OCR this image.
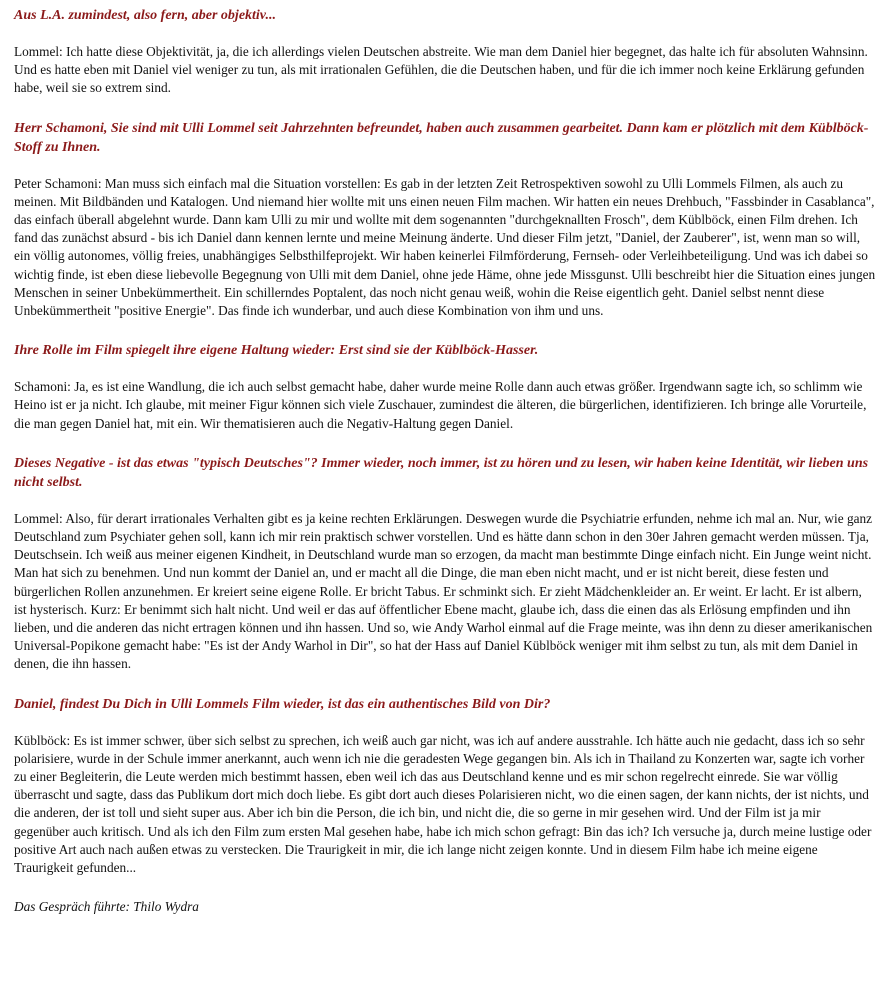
Aus L.A. zumindest, also fern, aber objektiv...

Lommel: Ich hatte diese Objektivität, ja, die ich allerdings vielen Deutschen abstreite. Wie man dem Daniel hier begegnet, das halte ich für absoluten Wahnsinn. Und es hatte eben mit Daniel viel weniger zu tun, als mit irrationalen Gefühlen, die die Deutschen haben, und für die ich immer noch keine Erklärung gefunden habe, weil sie so extrem sind.

Herr Schamoni, Sie sind mit Ulli Lommel seit Jahrzehnten befreundet, haben auch zusammen gearbeitet. Dann kam er plötzlich mit dem Küblböck-Stoff zu Ihnen.

Peter Schamoni: Man muss sich einfach mal die Situation vorstellen: Es gab in der letzten Zeit Retrospektiven sowohl zu Ulli Lommels Filmen, als auch zu meinen. Mit Bildbänden und Katalogen. Und niemand hier wollte mit uns einen neuen Film machen. Wir hatten ein neues Drehbuch, "Fassbinder in Casablanca", das einfach überall abgelehnt wurde. Dann kam Ulli zu mir und wollte mit dem sogenannten "durchgeknallten Frosch", dem Küblböck, einen Film drehen. Ich fand das zunächst absurd - bis ich Daniel dann kennen lernte und meine Meinung änderte. Und dieser Film jetzt, "Daniel, der Zauberer", ist, wenn man so will, ein völlig autonomes, völlig freies, unabhängiges Selbsthilfeprojekt. Wir haben keinerlei Filmförderung, Fernseh- oder Verleihbeteiligung. Und was ich dabei so wichtig finde, ist eben diese liebevolle Begegnung von Ulli mit dem Daniel, ohne jede Häme, ohne jede Missgunst. Ulli beschreibt hier die Situation eines jungen Menschen in seiner Unbekümmertheit. Ein schillerndes Poptalent, das noch nicht genau weiß, wohin die Reise eigentlich geht. Daniel selbst nennt diese Unbekümmertheit "positive Energie". Das finde ich wunderbar, und auch diese Kombination von ihm und uns.

Ihre Rolle im Film spiegelt ihre eigene Haltung wieder: Erst sind sie der Küblböck-Hasser.

Schamoni: Ja, es ist eine Wandlung, die ich auch selbst gemacht habe, daher wurde meine Rolle dann auch etwas größer. Irgendwann sagte ich, so schlimm wie Heino ist er ja nicht. Ich glaube, mit meiner Figur können sich viele Zuschauer, zumindest die älteren, die bürgerlichen, identifizieren. Ich bringe alle Vorurteile, die man gegen Daniel hat, mit ein. Wir thematisieren auch die Negativ-Haltung gegen Daniel.

Dieses Negative - ist das etwas "typisch Deutsches"? Immer wieder, noch immer, ist zu hören und zu lesen, wir haben keine Identität, wir lieben uns nicht selbst.

Lommel: Also, für derart irrationales Verhalten gibt es ja keine rechten Erklärungen. Deswegen wurde die Psychiatrie erfunden, nehme ich mal an. Nur, wie ganz Deutschland zum Psychiater gehen soll, kann ich mir rein praktisch schwer vorstellen. Und es hätte dann schon in den 30er Jahren gemacht werden müssen. Tja, Deutschsein. Ich weiß aus meiner eigenen Kindheit, in Deutschland wurde man so erzogen, da macht man bestimmte Dinge einfach nicht. Ein Junge weint nicht. Man hat sich zu benehmen. Und nun kommt der Daniel an, und er macht all die Dinge, die man eben nicht macht, und er ist nicht bereit, diese festen und bürgerlichen Rollen anzunehmen. Er kreiert seine eigene Rolle. Er bricht Tabus. Er schminkt sich. Er zieht Mädchenkleider an. Er weint. Er lacht. Er ist albern, ist hysterisch. Kurz: Er benimmt sich halt nicht. Und weil er das auf öffentlicher Ebene macht, glaube ich, dass die einen das als Erlösung empfinden und ihn lieben, und die anderen das nicht ertragen können und ihn hassen. Und so, wie Andy Warhol einmal auf die Frage meinte, was ihn denn zu dieser amerikanischen Universal-Popikone gemacht habe: "Es ist der Andy Warhol in Dir", so hat der Hass auf Daniel Küblböck weniger mit ihm selbst zu tun, als mit dem Daniel in denen, die ihn hassen.

Daniel, findest Du Dich in Ulli Lommels Film wieder, ist das ein authentisches Bild von Dir?

Küblböck: Es ist immer schwer, über sich selbst zu sprechen, ich weiß auch gar nicht, was ich auf andere ausstrahle. Ich hätte auch nie gedacht, dass ich so sehr polarisiere, wurde in der Schule immer anerkannt, auch wenn ich nie die geradesten Wege gegangen bin. Als ich in Thailand zu Konzerten war, sagte ich vorher zu einer Begleiterin, die Leute werden mich bestimmt hassen, eben weil ich das aus Deutschland kenne und es mir schon regelrecht einrede. Sie war völlig überrascht und sagte, dass das Publikum dort mich doch liebe. Es gibt dort auch dieses Polarisieren nicht, wo die einen sagen, der kann nichts, der ist nichts, und die anderen, der ist toll und sieht super aus. Aber ich bin die Person, die ich bin, und nicht die, die so gerne in mir gesehen wird. Und der Film ist ja mir gegenüber auch kritisch. Und als ich den Film zum ersten Mal gesehen habe, habe ich mich schon gefragt: Bin das ich? Ich versuche ja, durch meine lustige oder positive Art auch nach außen etwas zu verstecken. Die Traurigkeit in mir, die ich lange nicht zeigen konnte. Und in diesem Film habe ich meine eigene Traurigkeit gefunden...

Das Gespräch führte: Thilo Wydra
